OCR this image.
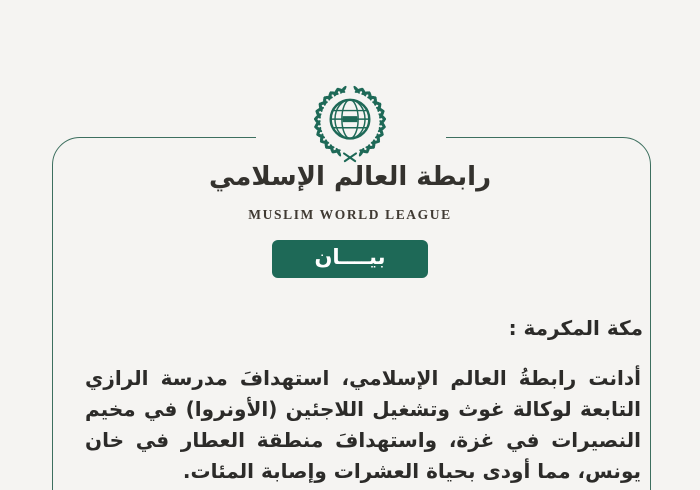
رابطة العالم الإسلامي
MUSLIM WORLD LEAGUE
بيــــان
مكة المكرمة :
أدانت رابطةُ العالم الإسلامي، استهدافَ مدرسة الرازي
التابعة لوكالة غوث وتشغيل اللاجئين (الأونروا) في مخيم
النصيرات في غزة، واستهدافَ منطقة العطار في خان
يونس، مما أودى بحياة العشرات وإصابة المئات.
